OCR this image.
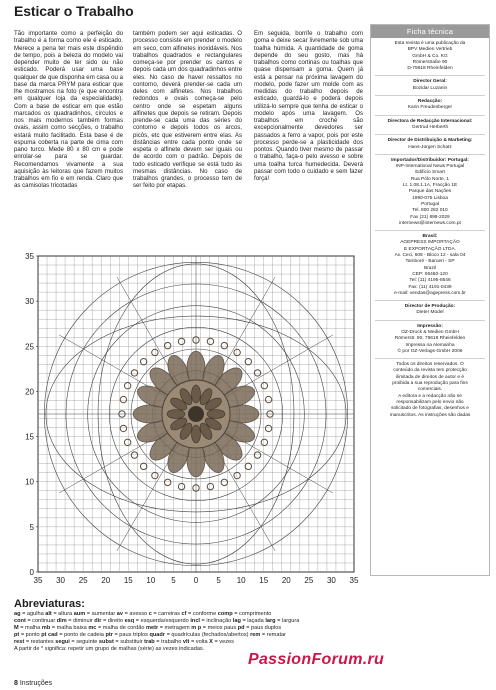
Esticar o Trabalho
Tão importante como a perfeição do trabalho é a forma como ele é esticado. Merece a pena ter mais este dispêndio de tempo, pois a beleza do modelo vai depender muito de ter sido ou não esticado. Poderá usar uma base qualquer de que disponha em casa ou a base da marca PRYM para esticar que lhe mostramos na foto (e que encontra em qualquer loja da especialidade). Com a base de esticar em que estão marcados os quadradinhos, círculos e nos mais modernos também formas ovais, assim como secções, o trabalho estará muito facilitado. Esta base é de espuma coberta na parte de cima com pano turco. Mede 80 x 80 cm e pode enrolar-se para se guardar. Recomendamos vivamente a sua aquisição às leitoras que fazem muitos trabalhos em fio e em renda. Claro que as camisolas tricotadas
também podem ser aqui esticadas. O processo consiste em prender o modelo em seco, com alfinetes inoxidáveis. Nos trabalhos quadrados e rectangulares começa-se por prender os cantos e depois cada um dos quadradinhos entre eles. No caso de haver ressaltos no contorno, deverá prender-se cada um deles com alfinetes. Nos trabalhos redondos e ovais começa-se pelo centro onde se espetam alguns alfinetes que depois se retiram. Depois prende-se cada uma das séries do contorno e depois todos os arcos, picôs, etc que estiverem entre elas. As distâncias entre cada ponto onde se espeta o alfinete devem ser iguais ou de acordo com o padrão. Depois de todo esticado verifique se está tudo às mesmas distâncias. No caso de trabalhos grandes, o processo tem de ser feito por etapas.
Em seguida, borrife o trabalho com goma e deixe secar livremente sob uma toalha húmida. A quantidade de goma depende do seu gosto, mas há trabalhos como cortinas ou toalhas que quase dispensam a goma. Quem já está a pensar na próxima lavagem do modelo, pode fazer um molde com as medidas do trabalho depois de esticado, guardá-lo e poderá depois utilizá-lo sempre que tenha de esticar o modelo após uma lavagem. Os trabalhos em croché são excepcionalmente devedores ser passados a ferro a vapor, pois por este processo perde-se a plasticidade dos pontos. Quando tiver mesmo de passar o trabalho, faça-o pelo avesso e sobre uma toalha turca humedecida. Deverá passar com todo o cuidado e sem fazer força!
Ficha técnica
Esta revista é uma publicação da
BPV Medien Vertrieb
GmbH & Co. KG
Römerstraße 90
D-79618 Rheinfelden
Director Geral:
Bozidar Luzanin
Redacção:
Karin Freudenberger
Directora de Redacção Internacional:
Gertrud Herberth
Director de Distribuição & Marketing:
Hans-Jürgen Schatz
Importador/Distribuidor: Portugal:
INP-International News Portugal
Edificio Smart
Rua Pólo Norte, 1
Lt. 1.08.1.1A, Fracção 1E
Parque das Nações
1990-075 Lisboa
Portugal
Tel. 800 282 010
Fax (21) 898-2029
internews@internews.com.pt
Brasil:
AGEPRESS IMPORTAÇÃO
E EXPORTAÇÃO LTDA.
Av. Ceci, 608 - Bloco 12 - sala 04
Tamboré - Barueri - SP
Brazil
CEP: 06460-120
Tel: (11) 4195-8546
Fax: (11) 4191-0439
e-mail: vendas@agepress.com.br
Director de Produção:
Dieter Model
Impressão:
OZ-Druck & Medien GmbH
Römerstr. 90, 79618 Rheinfelden
Impressa na Alemanha
© por OZ-Verlags-GmbH 2006
Todos os direitos reservados. O
conteúdo da revista tem protecção
ilimitada de direitos de autor e é
proibida a sua reprodução para fins
comerciais.
A editora e a redacção não se
responsabilizam pelo envio não
solicitado de fotografias, desenhos e
manuscritos. As instruções são dadas
35
30
25
20
15
10
5
0
35 30 25 20 15 10 5 0 5 10 15 20 25 30 35
Abreviaturas:
ag = agulha alt = altura aum = aumentar av = avesso c = carreiras cf = conforme comp = comprimento
cont = continuar dim = diminuir dir = direito esq = esquerda/esquerdo incl = inclinação lag = laçada larg = largura
M = malha mb = malha baixa mc = malha de cordão metr = metragem m p = meios paus pd = paus duplos
pt = ponto pt cad = ponto de cadeia ptr = paus triplos quadr = quadrículas (fechados/abertos) rem = rematar
rest = restantes segui = seguinte subst = substituir trab = trabalho vlt = volta X = vezes
A partir de * significa: repetir um grupo de malhas (série) as vezes indicadas.
8 Instruções
PassionForum.ru
